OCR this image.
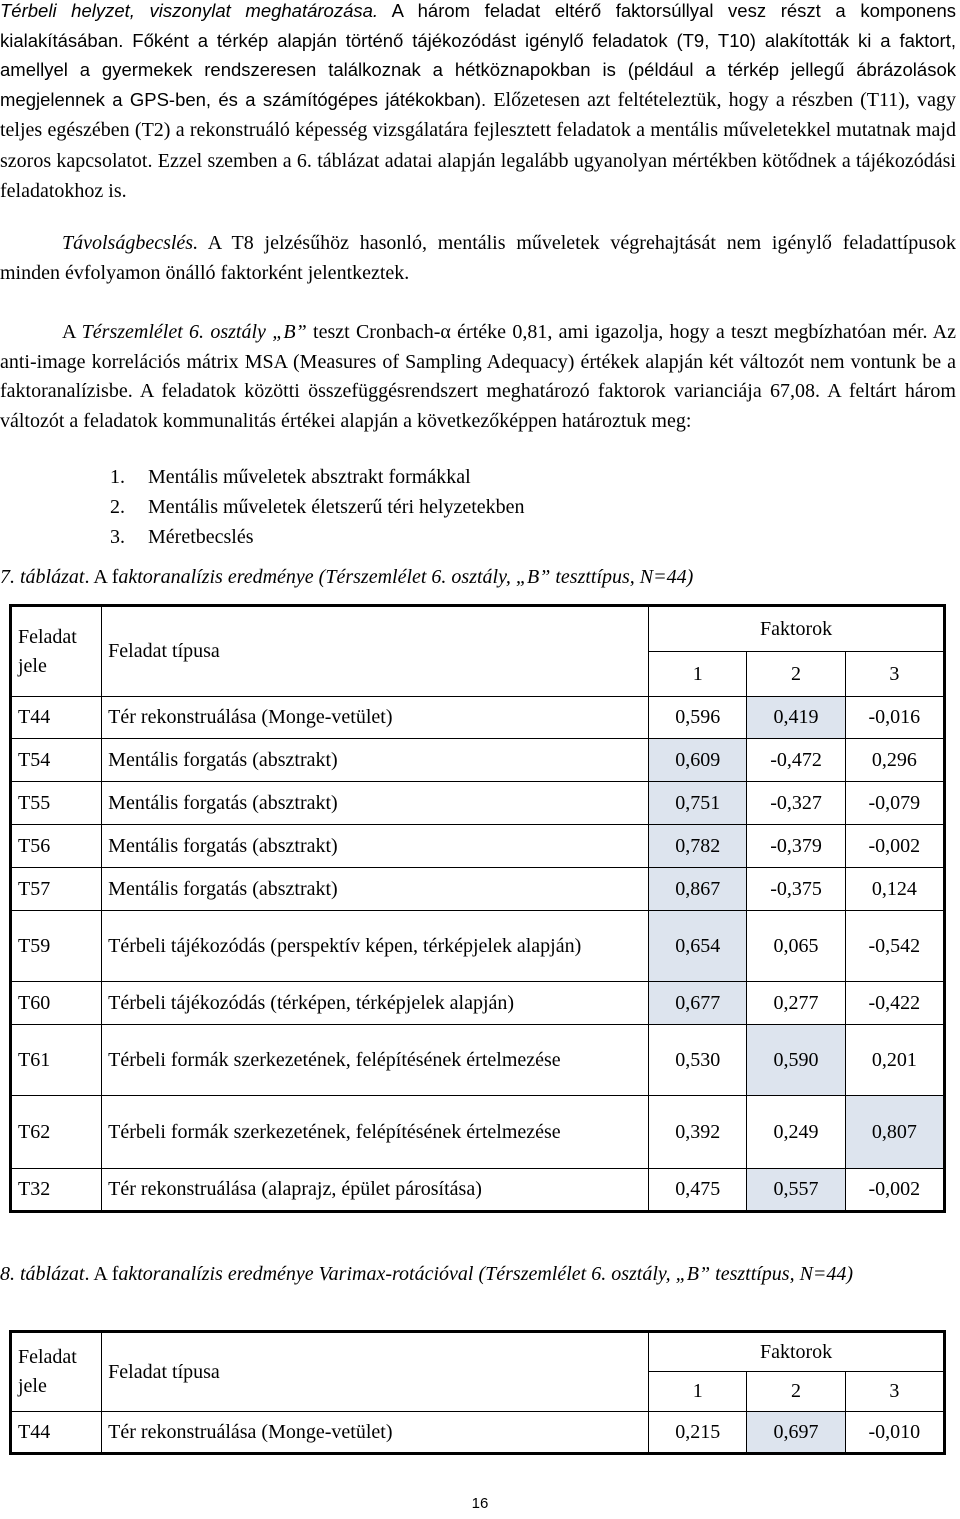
Térbeli helyzet, viszonylat meghatározása. A három feladat eltérő faktorsúllyal vesz részt a komponens kialakításában. Főként a térkép alapján történő tájékozódást igénylő feladatok (T9, T10) alakították ki a faktort, amellyel a gyermekek rendszeresen találkoznak a hétköznapokban is (például a térkép jellegű ábrázolások megjelennek a GPS-ben, és a számítógépes játékokban). Előzetesen azt feltételeztük, hogy a részben (T11), vagy teljes egészében (T2) a rekonstruáló képesség vizsgálatára fejlesztett feladatok a mentális műveletekkel mutatnak majd szoros kapcsolatot. Ezzel szemben a 6. táblázat adatai alapján legalább ugyanolyan mértékben kötődnek a tájékozódási feladatokhoz is.

Távolságbecslés. A T8 jelzésűhöz hasonló, mentális műveletek végrehajtását nem igénylő feladattípusok minden évfolyamon önálló faktorként jelentkeztek.

A Térszemlélet 6. osztály „B” teszt Cronbach-α értéke 0,81, ami igazolja, hogy a teszt megbízhatóan mér. Az anti-image korrelációs mátrix MSA (Measures of Sampling Adequacy) értékek alapján két változót nem vontunk be a faktoranalízisbe. A feladatok közötti összefüggésrendszert meghatározó faktorok varianciája 67,08. A feltárt három változót a feladatok kommunalitás értékei alapján a következőképpen határoztuk meg:

1.	Mentális műveletek absztrakt formákkal
2.	Mentális műveletek életszerű téri helyzetekben
3.	Méretbecslés

7. táblázat. A faktoranalízis eredménye (Térszemlélet 6. osztály, „B” teszttípus, N=44)

Feladat jele	Feladat típusa	Faktorok		
		1	2	3
T44	Tér rekonstruálása (Monge-vetület)	0,596	0,419	-0,016
T54	Mentális forgatás (absztrakt)	0,609	-0,472	0,296
T55	Mentális forgatás (absztrakt)	0,751	-0,327	-0,079
T56	Mentális forgatás (absztrakt)	0,782	-0,379	-0,002
T57	Mentális forgatás (absztrakt)	0,867	-0,375	0,124
T59	Térbeli tájékozódás (perspektív képen, térképjelek alapján)	0,654	0,065	-0,542
T60	Térbeli tájékozódás (térképen, térképjelek alapján)	0,677	0,277	-0,422
T61	Térbeli formák szerkezetének, felépítésének értelmezése	0,530	0,590	0,201
T62	Térbeli formák szerkezetének, felépítésének értelmezése	0,392	0,249	0,807
T32	Tér rekonstruálása (alaprajz, épület párosítása)	0,475	0,557	-0,002

8. táblázat. A faktoranalízis eredménye Varimax-rotációval (Térszemlélet 6. osztály, „B” teszttípus, N=44)

Feladat jele	Feladat típusa	Faktorok		
		1	2	3
T44	Tér rekonstruálása (Monge-vetület)	0,215	0,697	-0,010
16
